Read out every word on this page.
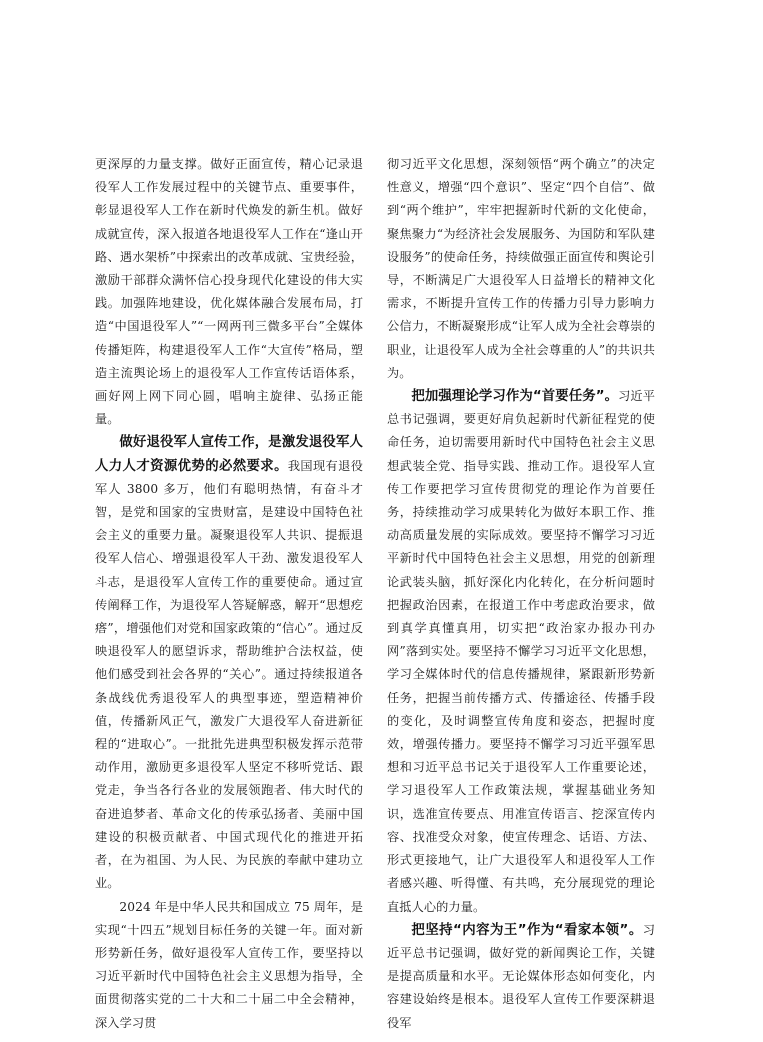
更深厚的力量支撑。做好正面宣传，精心记录退役军人工作发展过程中的关键节点、重要事件，彰显退役军人工作在新时代焕发的新生机。做好成就宣传，深入报道各地退役军人工作在“逢山开路、遇水架桥”中探索出的改革成就、宝贵经验，激励干部群众满怀信心投身现代化建设的伟大实践。加强阵地建设，优化媒体融合发展布局，打造“中国退役军人”“一网两刊三微多平台”全媒体传播矩阵，构建退役军人工作“大宣传”格局，塑造主流舆论场上的退役军人工作宣传话语体系，画好网上网下同心圆，唱响主旋律、弘扬正能量。

做好退役军人宣传工作，是激发退役军人人力人才资源优势的必然要求。我国现有退役军人 3800 多万，他们有聪明热情，有奋斗才智，是党和国家的宝贵财富，是建设中国特色社会主义的重要力量。凝聚退役军人共识、提振退役军人信心、增强退役军人干劲、激发退役军人斗志，是退役军人宣传工作的重要使命。通过宣传阐释工作，为退役军人答疑解惑，解开“思想疙瘩”，增强他们对党和国家政策的“信心”。通过反映退役军人的愿望诉求，帮助维护合法权益，使他们感受到社会各界的“关心”。通过持续报道各条战线优秀退役军人的典型事迹，塑造精神价值，传播新风正气，激发广大退役军人奋进新征程的“进取心”。一批批先进典型积极发挥示范带动作用，激励更多退役军人坚定不移听党话、跟党走，争当各行各业的发展领跑者、伟大时代的奋进追梦者、革命文化的传承弘扬者、美丽中国建设的积极贡献者、中国式现代化的推进开拓者，在为祖国、为人民、为民族的奉献中建功立业。

2024 年是中华人民共和国成立 75 周年，是实现“十四五”规划目标任务的关键一年。面对新形势新任务，做好退役军人宣传工作，要坚持以习近平新时代中国特色社会主义思想为指导，全面贯彻落实党的二十大和二十届二中全会精神，深入学习贯

彻习近平文化思想，深刻领悟“两个确立”的决定性意义，增强“四个意识”、坚定“四个自信”、做到“两个维护”，牢牢把握新时代新的文化使命，聚焦聚力“为经济社会发展服务、为国防和军队建设服务”的使命任务，持续做强正面宣传和舆论引导，不断满足广大退役军人日益增长的精神文化需求，不断提升宣传工作的传播力引导力影响力公信力，不断凝聚形成“让军人成为全社会尊崇的职业，让退役军人成为全社会尊重的人”的共识共为。

把加强理论学习作为“首要任务”。习近平总书记强调，要更好肩负起新时代新征程党的使命任务，迫切需要用新时代中国特色社会主义思想武装全党、指导实践、推动工作。退役军人宣传工作要把学习宣传贯彻党的理论作为首要任务，持续推动学习成果转化为做好本职工作、推动高质量发展的实际成效。要坚持不懈学习习近平新时代中国特色社会主义思想，用党的创新理论武装头脑，抓好深化内化转化，在分析问题时把握政治因素，在报道工作中考虑政治要求，做到真学真懂真用，切实把“政治家办报办刊办网”落到实处。要坚持不懈学习习近平文化思想，学习全媒体时代的信息传播规律，紧跟新形势新任务，把握当前传播方式、传播途径、传播手段的变化，及时调整宣传角度和姿态，把握时度效，增强传播力。要坚持不懈学习习近平强军思想和习近平总书记关于退役军人工作重要论述，学习退役军人工作政策法规，掌握基础业务知识，选准宣传要点、用准宣传语言、挖深宣传内容、找准受众对象，使宣传理念、话语、方法、形式更接地气，让广大退役军人和退役军人工作者感兴趣、听得懂、有共鸣，充分展现党的理论直抵人心的力量。

把坚持“内容为王”作为“看家本领”。习近平总书记强调，做好党的新闻舆论工作，关键是提高质量和水平。无论媒体形态如何变化，内容建设始终是根本。退役军人宣传工作要深耕退役军
